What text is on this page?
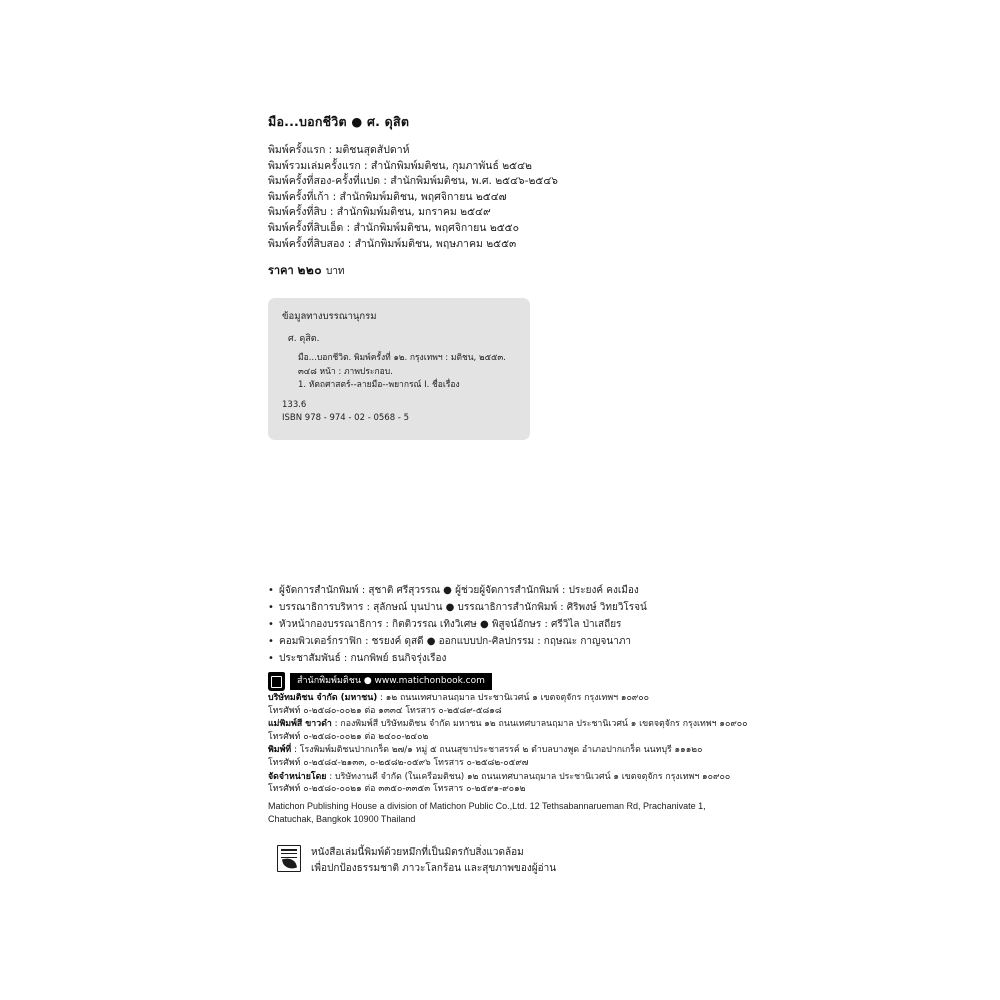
มือ...บอกชีวิต ● ศ. ดุสิต
พิมพ์ครั้งแรก : มติชนสุดสัปดาห์
พิมพ์รวมเล่มครั้งแรก : สำนักพิมพ์มติชน, กุมภาพันธ์ ๒๕๔๒
พิมพ์ครั้งที่สอง-ครั้งที่แปด : สำนักพิมพ์มติชน, พ.ศ. ๒๕๔๖-๒๕๔๖
พิมพ์ครั้งที่เก้า : สำนักพิมพ์มติชน, พฤศจิกายน ๒๕๔๗
พิมพ์ครั้งที่สิบ : สำนักพิมพ์มติชน, มกราคม ๒๕๔๙
พิมพ์ครั้งที่สิบเอ็ด : สำนักพิมพ์มติชน, พฤศจิกายน ๒๕๕๐
พิมพ์ครั้งที่สิบสอง : สำนักพิมพ์มติชน, พฤษภาคม ๒๕๕๓
ราคา ๒๒๐ บาท
ข้อมูลทางบรรณานุกรม
ศ. ดุสิต.
มือ...บอกชีวิต. พิมพ์ครั้งที่ ๑๒. กรุงเทพฯ : มติชน, ๒๕๕๓.
๓๔๘ หน้า : ภาพประกอบ.
1. หัตถศาสตร์--ลายมือ--พยากรณ์ I. ชื่อเรื่อง
133.6
ISBN 978 - 974 - 02 - 0568 - 5
• ผู้จัดการสำนักพิมพ์ : สุชาติ ศรีสุวรรณ ● ผู้ช่วยผู้จัดการสำนักพิมพ์ : ประยงค์ คงเมือง
• บรรณาธิการบริหาร : สุลักษณ์ บุนปาน ● บรรณาธิการสำนักพิมพ์ : ศิริพงษ์ วิทยวิโรจน์
• หัวหน้ากองบรรณาธิการ : กิตติวรรณ เทิงวิเศษ ● พิสูจน์อักษร : ศรีวิไล ป่าเสถียร
• คอมพิวเตอร์กราฟิก : ชรยงค์ ดุสดี ● ออกแบบปก-ศิลปกรรม : กฤษณะ กาญจนาภา
• ประชาสัมพันธ์ : กนกพิพย์ ธนกิจรุ่งเรือง
สำนักพิมพ์มติชน ● www.matichonbook.com
บริษัทมติชน จำกัด (มหาชน) : ๑๒ ถนนเทศบาลนฤมาล ประชานิเวศน์ ๑ เขตจตุจักร กรุงเทพฯ ๑๐๙๐๐
โทรศัพท์ ๐-๒๕๘๐-๐๐๒๑ ต่อ ๑๓๓๔ โทรสาร ๐-๒๕๘๙-๕๘๑๘
แม่พิมพ์สี ขาวดำ : กองพิมพ์สี บริษัทมติชน จำกัด มหาชน ๑๒ ถนนเทศบาลนฤมาล ประชานิเวศน์ ๑ เขตจตุจักร กรุงเทพฯ ๑๐๙๐๐
โทรศัพท์ ๐-๒๕๘๐-๐๐๒๑ ต่อ ๒๔๐๐-๒๔๐๒
พิมพ์ที่ : โรงพิมพ์มติชนปากเกร็ด ๒๗/๑ หมู่ ๕ ถนนสุขาประชาสรรค์ ๒ ตำบลบางพูด อำเภอปากเกร็ด นนทบุรี ๑๑๑๒๐
โทรศัพท์ ๐-๒๕๘๔-๒๑๓๓, ๐-๒๕๘๒-๐๕๙๖ โทรสาร ๐-๒๕๘๒-๐๕๙๗
จัดจำหน่ายโดย : บริษัทงานดี จำกัด (ในเครือมติชน) ๑๒ ถนนเทศบาลนฤมาล ประชานิเวศน์ ๑ เขตจตุจักร กรุงเทพฯ ๑๐๙๐๐
โทรศัพท์ ๐-๒๕๘๐-๐๐๒๑ ต่อ ๓๓๕๐-๓๓๕๓ โทรสาร ๐-๒๕๙๑-๙๐๑๒
Matichon Publishing House a division of Matichon Public Co.,Ltd. 12 Tethsabannarueman Rd, Prachanivate 1, Chatuchak, Bangkok 10900 Thailand
หนังสือเล่มนี้พิมพ์ด้วยหมึกที่เป็นมิตรกับสิ่งแวดล้อม
เพื่อปกป้องธรรมชาติ ภาวะโลกร้อน และสุขภาพของผู้อ่าน
